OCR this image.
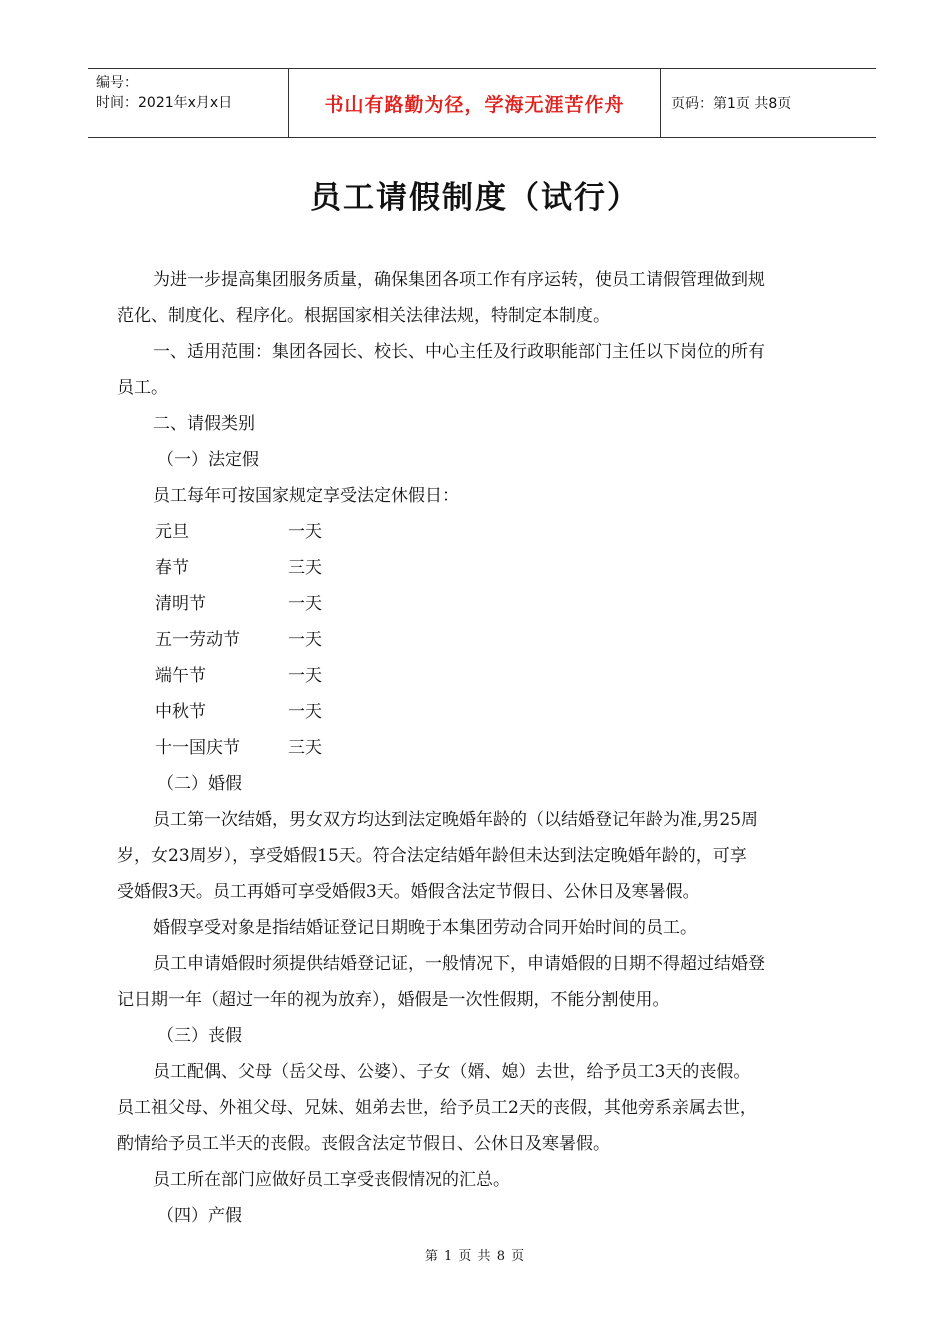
编号：
时间：2021年x月x日	书山有路勤为径，学海无涯苦作舟	页码：第1页 共8页
员工请假制度（试行）
为进一步提高集团服务质量，确保集团各项工作有序运转，使员工请假管理做到规
范化、制度化、程序化。根据国家相关法律法规，特制定本制度。
一、适用范围：集团各园长、校长、中心主任及行政职能部门主任以下岗位的所有
员工。
二、请假类别
（一）法定假
员工每年可按国家规定享受法定休假日：
元旦	一天
春节	三天
清明节	一天
五一劳动节	一天
端午节	一天
中秋节	一天
十一国庆节	三天
（二）婚假
员工第一次结婚，男女双方均达到法定晚婚年龄的（以结婚登记年龄为准,男25周
岁，女23周岁），享受婚假15天。符合法定结婚年龄但未达到法定晚婚年龄的，可享
受婚假3天。员工再婚可享受婚假3天。婚假含法定节假日、公休日及寒暑假。
婚假享受对象是指结婚证登记日期晚于本集团劳动合同开始时间的员工。
员工申请婚假时须提供结婚登记证，一般情况下，申请婚假的日期不得超过结婚登
记日期一年（超过一年的视为放弃），婚假是一次性假期，不能分割使用。
（三）丧假
员工配偶、父母（岳父母、公婆）、子女（婿、媳）去世，给予员工3天的丧假。
员工祖父母、外祖父母、兄妹、姐弟去世，给予员工2天的丧假，其他旁系亲属去世，
酌情给予员工半天的丧假。丧假含法定节假日、公休日及寒暑假。
员工所在部门应做好员工享受丧假情况的汇总。
（四）产假
第 1 页 共 8 页
